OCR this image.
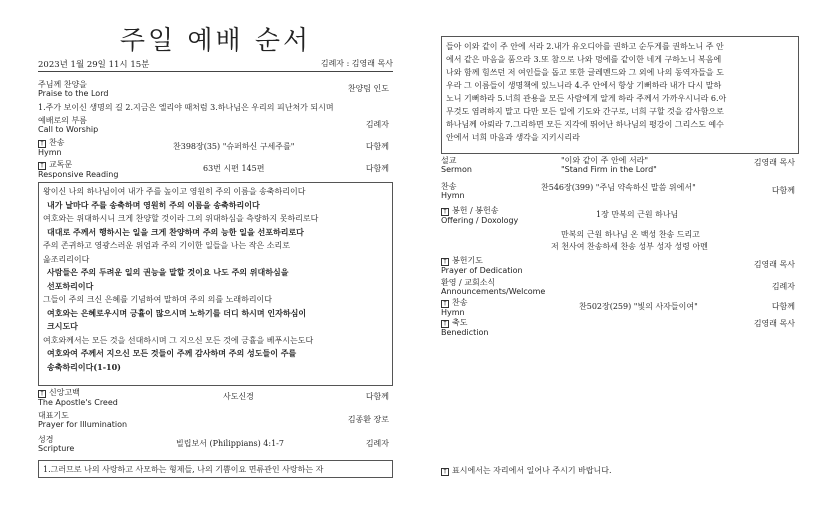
주일 예배 순서
2023년 1월 29일 11시 15분	김례자 : 김영래 목사
주님께 찬양을
Praise to the Lord
찬양팀 인도
1.주가 보이신 생명의 길 2.지금은 엘리야 때처럼 3.하나님은 우리의 피난처가 되시며
예배로의 부름
Call to Worship
김례자
† 찬송
Hymn
찬398장(35) "슈퍼하신 구세주를"	다함께
† 교독문
Responsive Reading
63번 시편 145편	다함께
왕이신 나의 하나님이여 내가 주를 높이고 영원히 주의 이름을 송축하리이다
내가 날마다 주를 송축하며 영원히 주의 이름을 송축하리이다
여호와는 위대하시니 크게 찬양할 것이라 그의 위대하심을 측량하지 못하리로다
대대로 주께서 행하시는 일을 크게 찬양하며 주의 능한 일을 선포하리로다
주의 존귀하고 영광스러운 위엄과 주의 기이한 일들을 나는 작은 소리로
읊조리리이다
사람들은 주의 두려운 일의 권능을 말할 것이요 나도 주의 위대하심을
선포하리이다
그들이 주의 크신 은혜를 기념하여 말하며 주의 의를 노래하리이다
여호와는 은혜로우시며 긍휼이 많으시며 노하기를 더디 하시며 인자하심이
크시도다
여호와께서는 모든 것을 선대하시며 그 지으신 모든 것에 긍휼을 베푸시는도다
여호와여 주께서 지으신 모든 것들이 주께 감사하며 주의 성도들이 주를
송축하리이다(1-10)
† 신앙고백
The Apostle's Creed
사도신경	다함께
대표기도
Prayer for Illumination
김종환 장로
성경
Scripture
빌립보서 (Philippians) 4:1-7	김례자
1.그러므로 나의 사랑하고 사모하는 형제들, 나의 기쁨이요 면류관인 사랑하는 자
들아 이와 같이 주 안에 서라 2.내가 유오디아를 권하고 순두게를 권하노니 주 안
에서 같은 마음을 품으라 3.또 참으로 나와 멍에를 같이한 네게 구하노니 복음에
나와 함께 힘쓰던 저 여인들을 돕고 또한 글레멘드와 그 외에 나의 동역자들을 도
우라 그 이름들이 생명책에 있느니라 4.주 안에서 항상 기뻐하라 내가 다시 말하
노니 기뻐하라 5.너희 관용을 모든 사람에게 알게 하라 주께서 가까우시니라 6.아
무것도 염려하지 말고 다만 모든 일에 기도와 간구로, 너희 구할 것을 감사함으로
하나님께 아뢰라 7.그리하면 모든 지각에 뛰어난 하나님의 평강이 그리스도 예수
안에서 너희 마음과 생각을 지키시리라
설교
Sermon
"이와 같이 주 안에 서라"
"Stand Firm in the Lord"
김영래 목사
찬송
Hymn
찬546장(399) "주님 약속하신 말씀 위에서"	다함께
† 봉헌 / 봉헌송
Offering / Doxology
1장 만복의 근원 하나님
만복의 근원 하나님 온 백성 찬송 드리고
저 천사여 찬송하세 찬송 성부 성자 성령 아멘
† 봉헌기도
Prayer of Dedication
김영래 목사
환영 / 교회소식
Announcements/Welcome
김례자
† 찬송
Hymn
찬502장(259) "빛의 사자들이여"	다함께
† 축도
Benediction
김영래 목사
† 표시에서는 자리에서 일어나 주시기 바랍니다.
